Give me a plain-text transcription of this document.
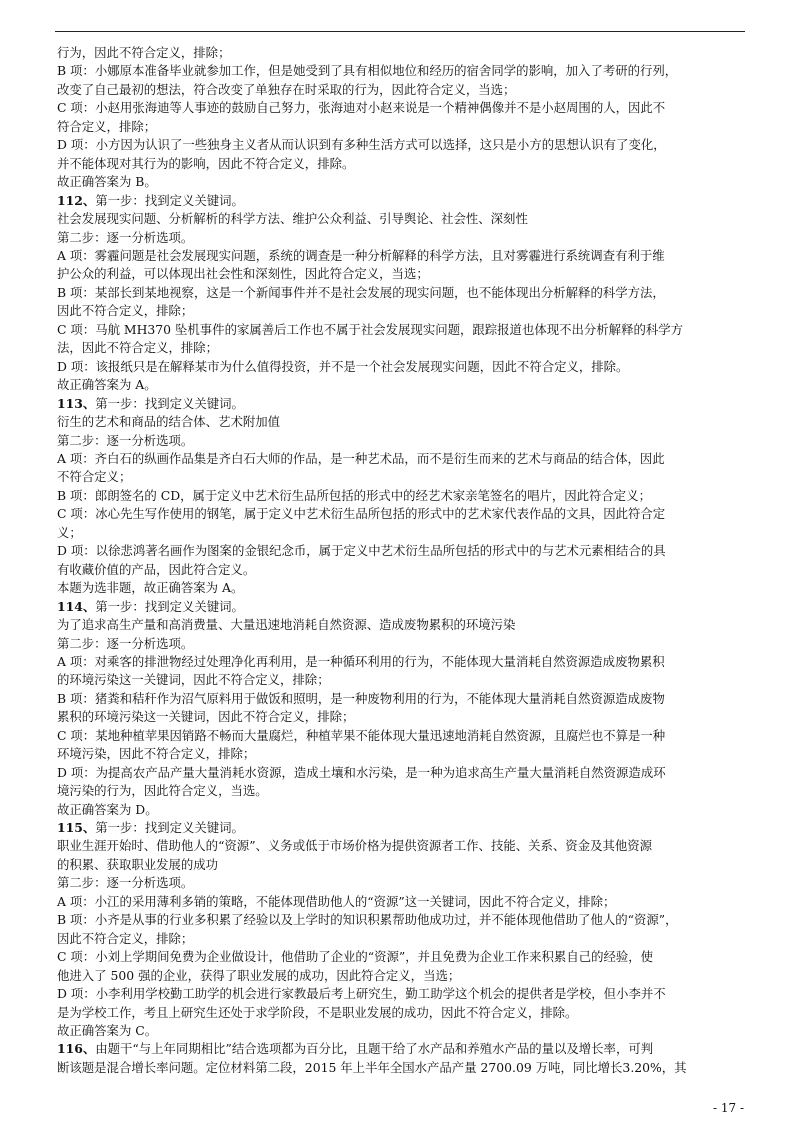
行为，因此不符合定义，排除；
B 项：小娜原本准备毕业就参加工作，但是她受到了具有相似地位和经历的宿舍同学的影响，加入了考研的行列，
改变了自己最初的想法，符合改变了单独存在时采取的行为，因此符合定义，当选；
C 项：小赵用张海迪等人事迹的鼓励自己努力，张海迪对小赵来说是一个精神偶像并不是小赵周围的人，因此不
符合定义，排除；
D 项：小方因为认识了一些独身主义者从而认识到有多种生活方式可以选择，这只是小方的思想认识有了变化，
并不能体现对其行为的影响，因此不符合定义，排除。
故正确答案为 B。
112、第一步：找到定义关键词。
社会发展现实问题、分析解析的科学方法、维护公众利益、引导舆论、社会性、深刻性
第二步：逐一分析选项。
A 项：雾霾问题是社会发展现实问题，系统的调查是一种分析解释的科学方法，且对雾霾进行系统调查有利于维
护公众的利益，可以体现出社会性和深刻性，因此符合定义，当选；
B 项：某部长到某地视察，这是一个新闻事件并不是社会发展的现实问题，也不能体现出分析解释的科学方法，
因此不符合定义，排除；
C 项：马航 MH370 坠机事件的家属善后工作也不属于社会发展现实问题，跟踪报道也体现不出分析解释的科学方
法，因此不符合定义，排除；
D 项：该报纸只是在解释某市为什么值得投资，并不是一个社会发展现实问题，因此不符合定义，排除。
故正确答案为 A。
113、第一步：找到定义关键词。
衍生的艺术和商品的结合体、艺术附加值
第二步：逐一分析选项。
A 项：齐白石的纵画作品集是齐白石大师的作品，是一种艺术品，而不是衍生而来的艺术与商品的结合体，因此
不符合定义；
B 项：郎朗签名的 CD，属于定义中艺术衍生品所包括的形式中的经艺术家亲笔签名的唱片，因此符合定义；
C 项：冰心先生写作使用的钢笔，属于定义中艺术衍生品所包括的形式中的艺术家代表作品的文具，因此符合定
义；
D 项：以徐悲鸿著名画作为图案的金银纪念币，属于定义中艺术衍生品所包括的形式中的与艺术元素相结合的具
有收藏价值的产品，因此符合定义。
本题为选非题，故正确答案为 A。
114、第一步：找到定义关键词。
为了追求高生产量和高消费量、大量迅速地消耗自然资源、造成废物累积的环境污染
第二步：逐一分析选项。
A 项：对乘客的排泄物经过处理净化再利用，是一种循环利用的行为，不能体现大量消耗自然资源造成废物累积
的环境污染这一关键词，因此不符合定义，排除；
B 项：猪粪和秸秆作为沼气原料用于做饭和照明，是一种废物利用的行为，不能体现大量消耗自然资源造成废物
累积的环境污染这一关键词，因此不符合定义，排除；
C 项：某地种植苹果因销路不畅而大量腐烂，种植苹果不能体现大量迅速地消耗自然资源，且腐烂也不算是一种
环境污染，因此不符合定义，排除；
D 项：为提高农产品产量大量消耗水资源，造成土壤和水污染，是一种为追求高生产量大量消耗自然资源造成环
境污染的行为，因此符合定义，当选。
故正确答案为 D。
115、第一步：找到定义关键词。
职业生涯开始时、借助他人的“资源”、义务或低于市场价格为提供资源者工作、技能、关系、资金及其他资源
的积累、获取职业发展的成功
第二步：逐一分析选项。
A 项：小江的采用薄利多销的策略，不能体现借助他人的“资源”这一关键词，因此不符合定义，排除；
B 项：小齐是从事的行业多积累了经验以及上学时的知识积累帮助他成功过，并不能体现他借助了他人的“资源”，
因此不符合定义，排除；
C 项：小刘上学期间免费为企业做设计，他借助了企业的“资源”，并且免费为企业工作来积累自己的经验，使
他进入了 500 强的企业，获得了职业发展的成功，因此符合定义，当选；
D 项：小李利用学校勤工助学的机会进行家教最后考上研究生，勤工助学这个机会的提供者是学校，但小李并不
是为学校工作，考且上研究生还处于求学阶段，不是职业发展的成功，因此不符合定义，排除。
故正确答案为 C。
116、由题干“与上年同期相比”结合选项都为百分比，且题干给了水产品和养殖水产品的量以及增长率，可判
断该题是混合增长率问题。定位材料第二段，2015 年上半年全国水产品产量 2700.09 万吨，同比增长3.20%，其
- 17 -
